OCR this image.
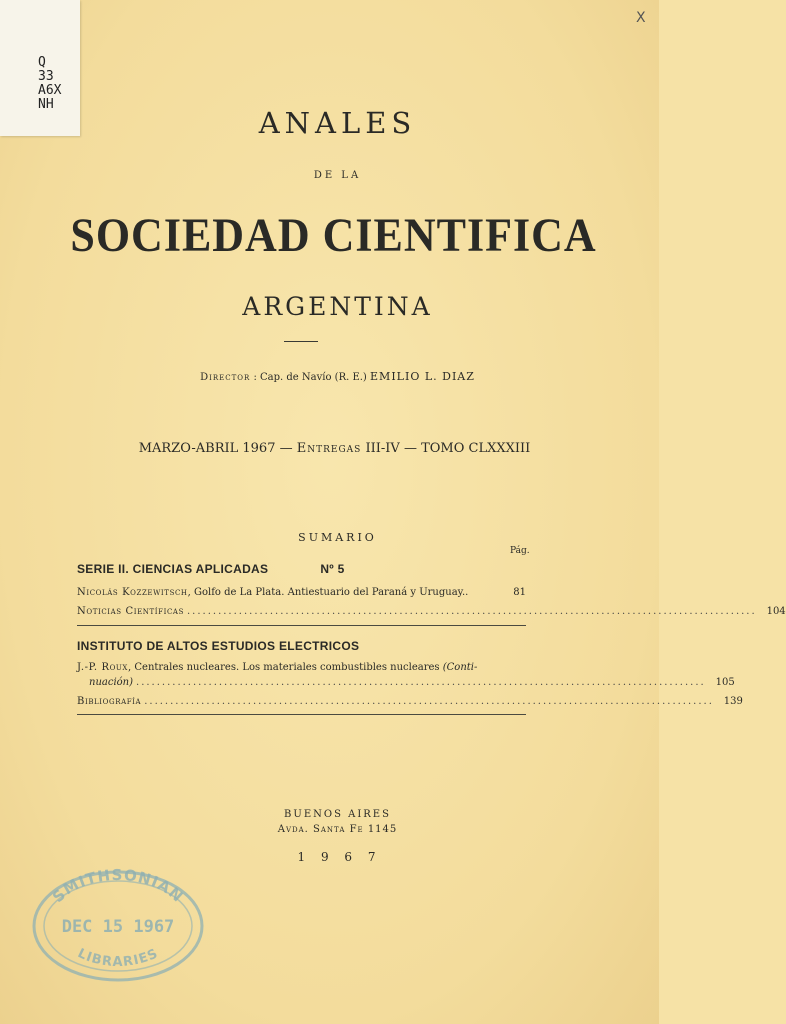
Q
33
A6X
NH
X
ANALES
DE LA
SOCIEDAD CIENTIFICA
ARGENTINA
Director : Cap. de Navío (R. E.) EMILIO L. DIAZ
MARZO-ABRIL 1967 — Entregas III-IV — TOMO CLXXXIII
SUMARIO
Pág.
SERIE II. CIENCIAS APLICADAS	Nº 5
Nicolás Kozzewitsch, Golfo de La Plata. Antiestuario del Paraná y Uruguay..	81
Noticias Científicas .............................................................................................................. 104
INSTITUTO DE ALTOS ESTUDIOS ELECTRICOS
J.-P. Roux, Centrales nucleares. Los materiales combustibles nucleares (Conti-
nuación) .............................................................................................................. 105
Bibliografía .............................................................................................................. 139
BUENOS AIRES
Avda. Santa Fe 1145
1 9 6 7
SMITHSONIAN
DEC 15 1967
LIBRARIES
